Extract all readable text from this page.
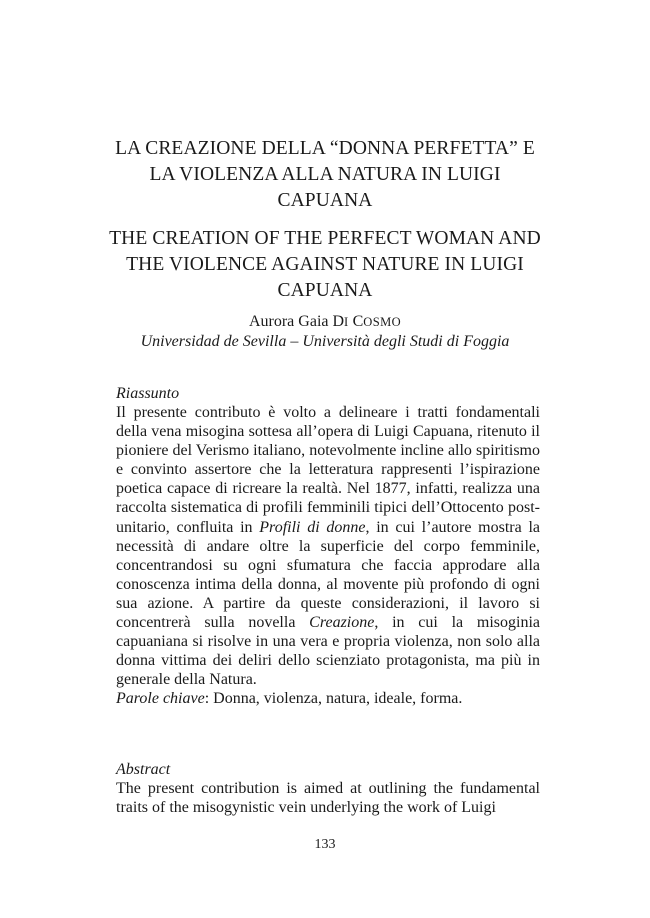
LA CREAZIONE DELLA “DONNA PERFETTA” E LA VIOLENZA ALLA NATURA IN LUIGI CAPUANA
THE CREATION OF THE PERFECT WOMAN AND THE VIOLENCE AGAINST NATURE IN LUIGI CAPUANA
Aurora Gaia DI COSMO
Universidad de Sevilla – Università degli Studi di Foggia
Riassunto
Il presente contributo è volto a delineare i tratti fondamentali della vena misogina sottesa all’opera di Luigi Capuana, ritenuto il pioniere del Verismo italiano, notevolmente incline allo spiritismo e convinto assertore che la letteratura rappresenti l’ispirazione poetica capace di ricreare la realtà. Nel 1877, infatti, realizza una raccolta sistematica di profili femminili tipici dell’Ottocento post-unitario, confluita in Profili di donne, in cui l’autore mostra la necessità di andare oltre la superficie del corpo femminile, concentrandosi su ogni sfumatura che faccia approdare alla conoscenza intima della donna, al movente più profondo di ogni sua azione. A partire da queste considerazioni, il lavoro si concentrerà sulla novella Creazione, in cui la misoginia capuaniana si risolve in una vera e propria violenza, non solo alla donna vittima dei deliri dello scienziato protagonista, ma più in generale della Natura.
Parole chiave: Donna, violenza, natura, ideale, forma.
Abstract
The present contribution is aimed at outlining the fundamental traits of the misogynistic vein underlying the work of Luigi
133
